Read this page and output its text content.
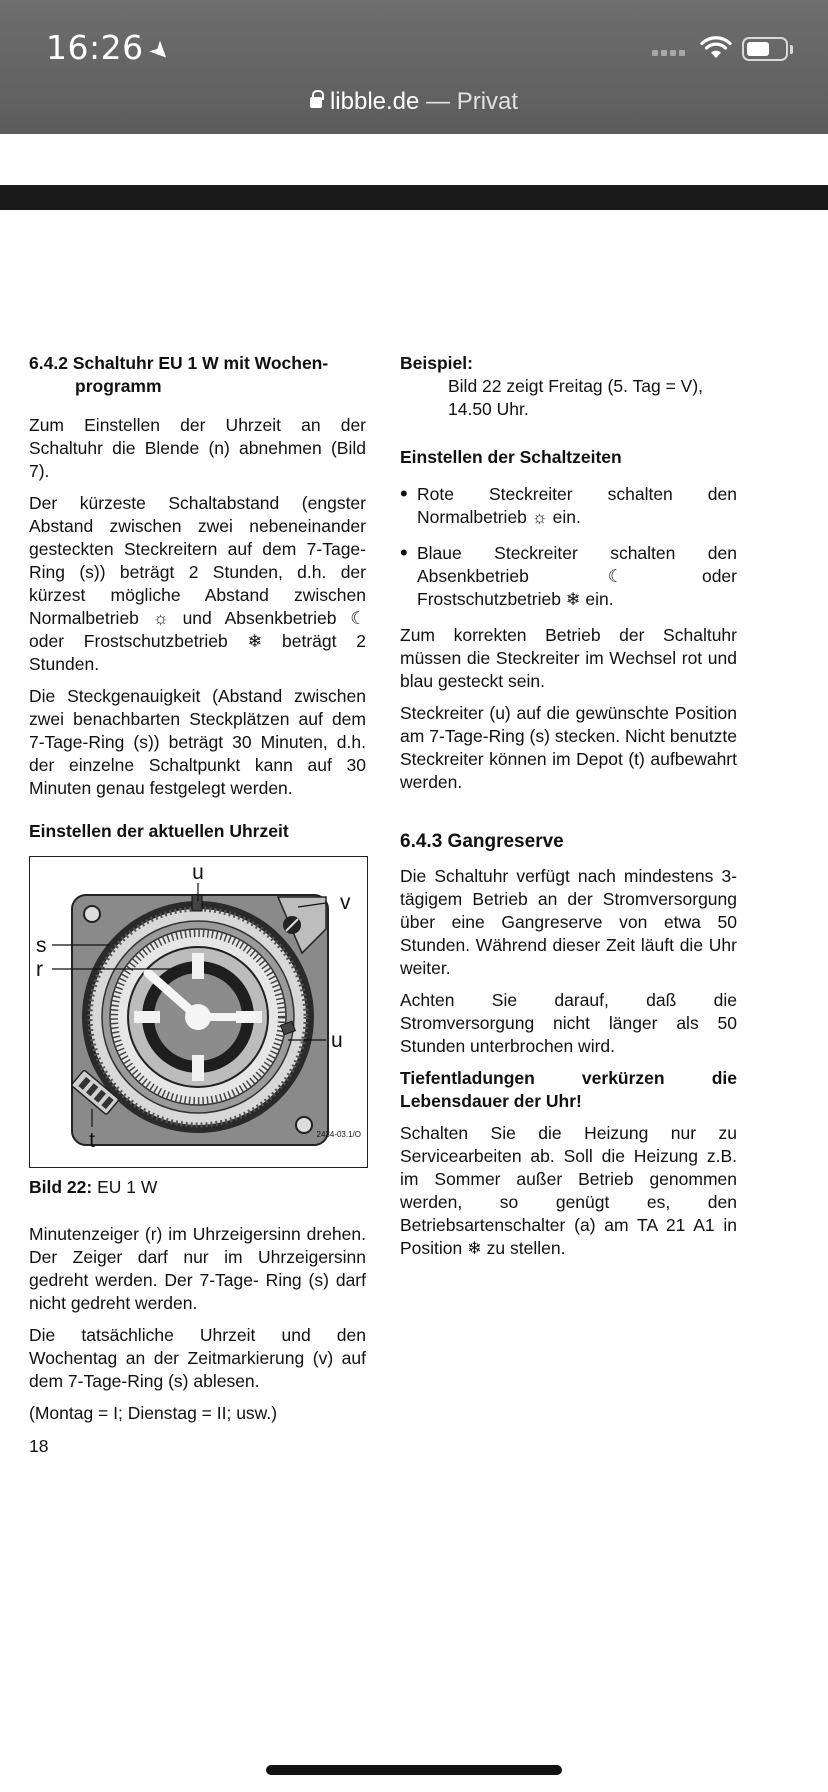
16:26➤
libble.de — Privat
6.4.2 Schaltuhr EU 1 W mit Wochen-programm

Zum Einstellen der Uhrzeit an der Schaltuhr die Blende (n) abnehmen (Bild 7).

Der kürzeste Schaltabstand (engster Abstand zwischen zwei nebeneinander gesteckten Steckreitern auf dem 7-Tage-Ring (s)) beträgt 2 Stunden, d.h. der kürzest mögliche Abstand zwischen Normalbetrieb ☼ und Absenkbetrieb ☾ oder Frostschutzbetrieb ❄ beträgt 2 Stunden.

Die Steckgenauigkeit (Abstand zwischen zwei benachbarten Steckplätzen auf dem 7-Tage-Ring (s)) beträgt 30 Minuten, d.h. der einzelne Schaltpunkt kann auf 30 Minuten genau festgelegt werden.

Einstellen der aktuellen Uhrzeit
u
v
s
r
u
t	2434-03.1/O
Bild 22: EU 1 W

Minutenzeiger (r) im Uhrzeigersinn drehen. Der Zeiger darf nur im Uhrzeigersinn gedreht werden. Der 7-Tage- Ring (s) darf nicht gedreht werden.

Die tatsächliche Uhrzeit und den Wochentag an der Zeitmarkierung (v) auf dem 7-Tage-Ring (s) ablesen.

(Montag = I; Dienstag = II; usw.)

18
Beispiel:
Bild 22 zeigt Freitag (5. Tag = V), 14.50 Uhr.
Einstellen der Schaltzeiten
• Rote Steckreiter schalten den Normalbetrieb ☼ ein.
• Blaue Steckreiter schalten den Absenkbetrieb ☾ oder Frostschutzbetrieb ❄ ein.

Zum korrekten Betrieb der Schaltuhr müssen die Steckreiter im Wechsel rot und blau gesteckt sein.

Steckreiter (u) auf die gewünschte Position am 7-Tage-Ring (s) stecken. Nicht benutzte Steckreiter können im Depot (t) aufbewahrt werden.

6.4.3 Gangreserve

Die Schaltuhr verfügt nach mindestens 3-tägigem Betrieb an der Stromversorgung über eine Gangreserve von etwa 50 Stunden. Während dieser Zeit läuft die Uhr weiter.

Achten Sie darauf, daß die Stromversorgung nicht länger als 50 Stunden unterbrochen wird.

Tiefentladungen verkürzen die Lebensdauer der Uhr!

Schalten Sie die Heizung nur zu Servicearbeiten ab. Soll die Heizung z.B. im Sommer außer Betrieb genommen werden, so genügt es, den Betriebsartenschalter (a) am TA 21 A1 in Position ❄ zu stellen.
